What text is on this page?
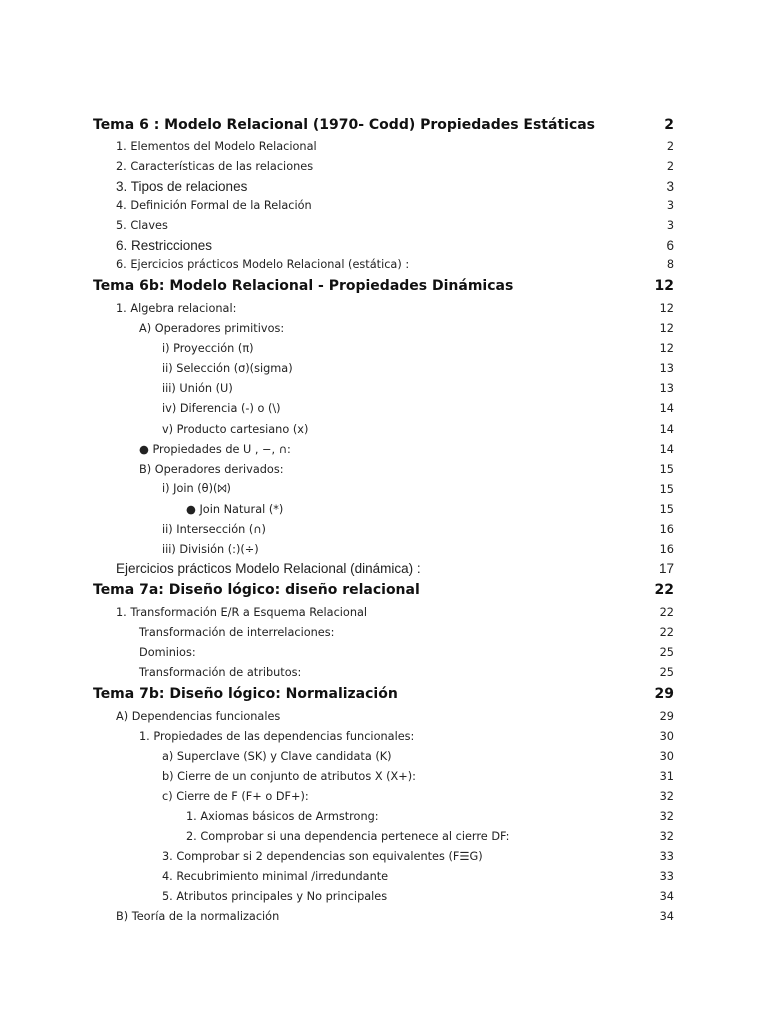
Tema 6 : Modelo Relacional (1970- Codd) Propiedades Estáticas	2
1. Elementos del Modelo Relacional	2
2. Características de las relaciones	2
3. Tipos de relaciones	3
4. Definición Formal de la Relación	3
5. Claves	3
6. Restricciones	6
6. Ejercicios prácticos Modelo Relacional (estática) :	8
Tema 6b: Modelo Relacional - Propiedades Dinámicas	12
1. Algebra relacional:	12
A) Operadores primitivos:	12
i) Proyección (π)	12
ii) Selección (σ)(sigma)	13
iii) Unión (U)	13
iv) Diferencia (-) o (\)	14
v) Producto cartesiano (x)	14
● Propiedades de U , −, ∩:	14
B) Operadores derivados:	15
i) Join (θ)(⨝)	15
● Join Natural (*)	15
ii) Intersección (∩)	16
iii) División (:)(÷)	16
Ejercicios prácticos Modelo Relacional (dinámica) :	17
Tema 7a: Diseño lógico: diseño relacional	22
1. Transformación E/R a Esquema Relacional	22
Transformación de interrelaciones:	22
Dominios:	25
Transformación de atributos:	25
Tema 7b: Diseño lógico: Normalización	29
A) Dependencias funcionales	29
1. Propiedades de las dependencias funcionales:	30
a) Superclave (SK) y Clave candidata (K)	30
b) Cierre de un conjunto de atributos X (X+):	31
c) Cierre de F (F+ o DF+):	32
1. Axiomas básicos de Armstrong:	32
2. Comprobar si una dependencia pertenece al cierre DF:	32
3. Comprobar si 2 dependencias son equivalentes (F☰G)	33
4. Recubrimiento minimal /irredundante	33
5. Atributos principales y No principales	34
B) Teoría de la normalización	34
